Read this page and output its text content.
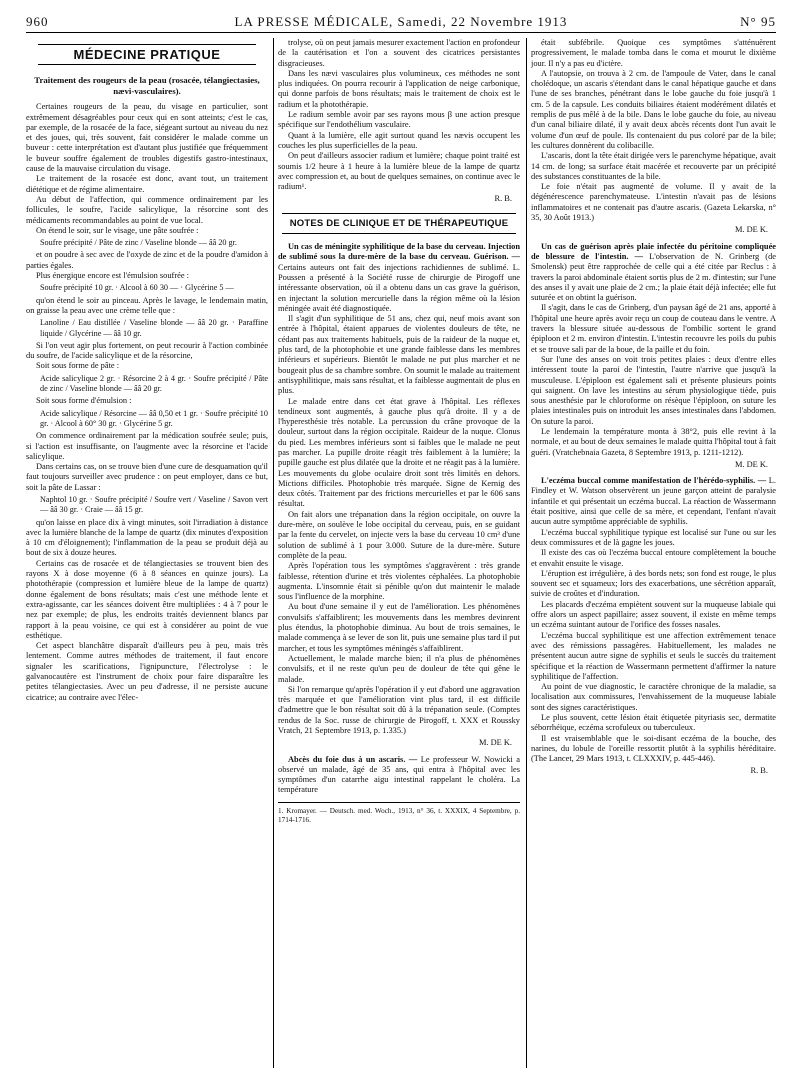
960	LA PRESSE MÉDICALE, Samedi, 22 Novembre 1913	N° 95
MÉDECINE PRATIQUE
Traitement des rougeurs de la peau (rosacée, télangiectasies, nævi-vasculaires).

Certaines rougeurs de la peau, du visage en particulier, sont extrêmement désagréables pour ceux qui en sont atteints; c'est le cas, par exemple, de la rosacée de la face, siégeant surtout au niveau du nez et des joues, qui, très souvent, fait considérer le malade comme un buveur : cette interprétation est d'autant plus justifiée que fréquemment le buveur souffre également de troubles digestifs gastro-intestinaux, cause de la mauvaise circulation du visage.

Le traitement de la rosacée est donc, avant tout, un traitement diététique et de régime alimentaire.

Au début de l'affection, qui commence ordinairement par les follicules, le soufre, l'acide salicylique, la résorcine sont des médicaments recommandables au point de vue local.

On étend le soir, sur le visage, une pâte soufrée :

Soufre précipité / Pâte de zinc / Vaseline blonde — ââ 20 gr.

et on poudre à sec avec de l'oxyde de zinc et de la poudre d'amidon à parties égales.

Plus énergique encore est l'émulsion soufrée :

Soufre précipité 10 gr. · Alcool à 60 30 — · Glycérine 5 —

qu'on étend le soir au pinceau. Après le lavage, le lendemain matin, on graisse la peau avec une crème telle que :

Lanoline / Eau distillée / Vaseline blonde — ââ 20 gr. · Paraffine liquide / Glycérine — ââ 10 gr.

Si l'on veut agir plus fortement, on peut recourir à l'action combinée du soufre, de l'acide salicylique et de la résorcine,

Soit sous forme de pâte :

Acide salicylique 2 gr. · Résorcine 2 à 4 gr. · Soufre précipité / Pâte de zinc / Vaseline blonde — ââ 20 gr.

Soit sous forme d'émulsion :

Acide salicylique / Résorcine — ââ 0,50 et 1 gr. · Soufre précipité 10 gr. · Alcool à 60° 30 gr. · Glycérine 5 gr.

On commence ordinairement par la médication soufrée seule; puis, si l'action est insuffisante, on l'augmente avec la résorcine et l'acide salicylique.

Dans certains cas, on se trouve bien d'une cure de desquamation qu'il faut toujours surveiller avec prudence : on peut employer, dans ce but, soit la pâte de Lassar :

Naphtol 10 gr. · Soufre précipité / Soufre vert / Vaseline / Savon vert — ââ 30 gr. · Craie — ââ 15 gr.

qu'on laisse en place dix à vingt minutes, soit l'irradiation à distance avec la lumière blanche de la lampe de quartz (dix minutes d'exposition à 10 cm d'éloignement); l'inflammation de la peau se produit déjà au bout de six à douze heures.

Certains cas de rosacée et de télangiectasies se trouvent bien des rayons X à dose moyenne (6 à 8 séances en quinze jours). La photothérapie (compression et lumière bleue de la lampe de quartz) donne également de bons résultats; mais c'est une méthode lente et extra-agissante, car les séances doivent être multipliées : 4 à 7 pour le nez par exemple; de plus, les endroits traités deviennent blancs par rapport à la peau voisine, ce qui est à considérer au point de vue esthétique.

Cet aspect blanchâtre disparaît d'ailleurs peu à peu, mais très lentement. Comme autres méthodes de traitement, il faut encore signaler les scarifications, l'ignipuncture, l'électrolyse : le galvanocautère est l'instrument de choix pour faire disparaître les petites télangiectasies. Avec un peu d'adresse, il ne persiste aucune cicatrice; au contraire avec l'élec-

trolyse, où on peut jamais mesurer exactement l'action en profondeur de la cautérisation et l'on a souvent des cicatrices persistantes disgracieuses.

Dans les nævi vasculaires plus volumineux, ces méthodes ne sont plus indiquées. On pourra recourir à l'application de neige carbonique, qui donne parfois de bons résultats; mais le traitement de choix est le radium et la photothérapie.

Le radium semble avoir par ses rayons mous β une action presque spécifique sur l'endothélium vasculaire.

Quant à la lumière, elle agit surtout quand les nævis occupent les couches les plus superficielles de la peau.

On peut d'ailleurs associer radium et lumière; chaque point traité est soumis 1/2 heure à 1 heure à la lumière bleue de la lampe de quartz avec compression et, au bout de quelques semaines, on continue avec le radium¹.

R. B.
NOTES DE CLINIQUE ET DE THÉRAPEUTIQUE

Un cas de méningite syphilitique de la base du cerveau. Injection de sublimé sous la dure-mère de la base du cerveau. Guérison. — Certains auteurs ont fait des injections rachidiennes de sublimé. L. Poussen a présenté à la Société russe de chirurgie de Pirogoff une intéressante observation, où il a obtenu dans un cas grave la guérison, en injectant la solution mercurielle dans la région même où la lésion méningée avait été diagnostiquée.

Il s'agit d'un syphilitique de 51 ans, chez qui, neuf mois avant son entrée à l'hôpital, étaient apparues de violentes douleurs de tête, ne cédant pas aux traitements habituels, puis de la raideur de la nuque et, plus tard, de la photophobie et une grande faiblesse dans les membres inférieurs et supérieurs. Bientôt le malade ne put plus marcher et ne bougeait plus de sa chambre sombre. On soumit le malade au traitement antisyphilitique, mais sans résultat, et la faiblesse augmentait de plus en plus.

Le malade entre dans cet état grave à l'hôpital. Les réflexes tendineux sont augmentés, à gauche plus qu'à droite. Il y a de l'hyperesthésie très notable. La percussion du crâne provoque de la douleur, surtout dans la région occipitale. Raideur de la nuque. Clonus du pied. Les membres inférieurs sont si faibles que le malade ne peut pas marcher. La pupille droite réagit très faiblement à la lumière; la pupille gauche est plus dilatée que la droite et ne réagit pas à la lumière. Les mouvements du globe oculaire droit sont très limités en dehors. Mictions difficiles. Photophobie très marquée. Signe de Kernig des deux côtés. Traitement par des frictions mercurielles et par le 606 sans résultat.

On fait alors une trépanation dans la région occipitale, on ouvre la dure-mère, on soulève le lobe occipital du cerveau, puis, en se guidant par la fente du cervelet, on injecte vers la base du cerveau 10 cm³ d'une solution de sublimé à 1 pour 3.000. Suture de la dure-mère. Suture complète de la peau.

Après l'opération tous les symptômes s'aggravèrent : très grande faiblesse, rétention d'urine et très violentes céphalées. La photophobie augmenta. L'insomnie était si pénible qu'on dut maintenir le malade sous l'influence de la morphine.

Au bout d'une semaine il y eut de l'amélioration. Les phénomènes convulsifs s'affaiblirent; les mouvements dans les membres devinrent plus étendus, la photophobie diminua. Au bout de trois semaines, le malade commença à se lever de son lit, puis une semaine plus tard il put marcher, et tous les symptômes méningés s'affaiblirent.

Actuellement, le malade marche bien; il n'a plus de phénomènes convulsifs, et il ne reste qu'un peu de douleur de tête qui gêne le malade.

Si l'on remarque qu'après l'opération il y eut d'abord une aggravation très marquée et que l'amélioration vint plus tard, il est difficile d'admettre que le bon résultat soit dû à la trépanation seule. (Comptes rendus de la Soc. russe de chirurgie de Pirogoff, t. XXX et Roussky Vratch, 21 Septembre 1913, p. 1.335.)

M. DE K.

Abcès du foie dus à un ascaris. — Le professeur W. Nowicki a observé un malade, âgé de 35 ans, qui entra à l'hôpital avec les symptômes d'un catarrhe aigu intestinal rappelant le choléra. La température

1. Kromayer. — Deutsch. med. Woch., 1913, n° 36, t. XXXIX, 4 Septembre, p. 1714-1716.

était subfébrile. Quoique ces symptômes s'atténuèrent progressivement, le malade tomba dans le coma et mourut le dixième jour. Il n'y a pas eu d'ictère.

A l'autopsie, on trouva à 2 cm. de l'ampoule de Vater, dans le canal cholédoque, un ascaris s'étendant dans le canal hépatique gauche et dans l'une de ses branches, pénétrant dans le lobe gauche du foie jusqu'à 1 cm. 5 de la capsule. Les conduits biliaires étaient modérément dilatés et remplis de pus mêlé à de la bile. Dans le lobe gauche du foie, au niveau d'un canal biliaire dilaté, il y avait deux abcès récents dont l'un avait le volume d'un œuf de poule. Ils contenaient du pus coloré par de la bile; les cultures donnèrent du colibacille.

L'ascaris, dont la tête était dirigée vers le parenchyme hépatique, avait 14 cm. de long; sa surface était macérée et recouverte par un précipité des substances constituantes de la bile.

Le foie n'était pas augmenté de volume. Il y avait de la dégénérescence parenchymateuse. L'intestin n'avait pas de lésions inflammatoires et ne contenait pas d'autre ascaris. (Gazeta Lekarska, n° 35, 30 Août 1913.)

M. DE K.

Un cas de guérison après plaie infectée du péritoine compliquée de blessure de l'intestin. — L'observation de N. Grinberg (de Smolensk) peut être rapprochée de celle qui a été citée par Reclus : à travers la paroi abdominale étaient sortis plus de 2 m. d'intestin; sur l'une des anses il y avait une plaie de 2 cm.; la plaie était déjà infectée; elle fut suturée et on obtint la guérison.

Il s'agit, dans le cas de Grinberg, d'un paysan âgé de 21 ans, apporté à l'hôpital une heure après avoir reçu un coup de couteau dans le ventre. A travers la blessure située au-dessous de l'ombilic sortent le grand épiploon et 2 m. environ d'intestin. L'intestin recouvre les poils du pubis et se trouve sali par de la boue, de la paille et du foin.

Sur l'une des anses on voit trois petites plaies : deux d'entre elles intéressent toute la paroi de l'intestin, l'autre n'arrive que jusqu'à la musculeuse. L'épiploon est également sali et présente plusieurs points qui saignent. On lave les intestins au sérum physiologique tiède, puis sous anesthésie par le chloroforme on résèque l'épiploon, on suture les plaies intestinales puis on introduit les anses intestinales dans l'abdomen. On suture la paroi.

Le lendemain la température monta à 38°2, puis elle revint à la normale, et au bout de deux semaines le malade quitta l'hôpital tout à fait guéri. (Vratchebnaia Gazeta, 8 Septembre 1913, p. 1211-1212).

M. DE K.

L'eczéma buccal comme manifestation de l'hérédo-syphilis. — L. Findley et W. Watson observèrent un jeune garçon atteint de paralysie infantile et qui présentait un eczéma buccal. La réaction de Wassermann était positive, ainsi que celle de sa mère, et cependant, l'enfant n'avait aucun autre symptôme appréciable de syphilis.

L'eczéma buccal syphilitique typique est localisé sur l'une ou sur les deux commissures et de là gagne les joues.

Il existe des cas où l'eczéma buccal entoure complètement la bouche et envahit ensuite le visage.

L'éruption est irrégulière, à des bords nets; son fond est rouge, le plus souvent sec et squameux; lors des exacerbations, une sécrétion apparaît, suivie de croûtes et d'induration.

Les placards d'eczéma empiètent souvent sur la muqueuse labiale qui offre alors un aspect papillaire; assez souvent, il existe en même temps un eczéma suintant autour de l'orifice des fosses nasales.

L'eczéma buccal syphilitique est une affection extrêmement tenace avec des rémissions passagères. Habituellement, les malades ne présentent aucun autre signe de syphilis et seuls le succès du traitement spécifique et la réaction de Wassermann permettent d'affirmer la nature syphilitique de l'affection.

Au point de vue diagnostic, le caractère chronique de la maladie, sa localisation aux commissures, l'envahissement de la muqueuse labiale sont des signes caractéristiques.

Le plus souvent, cette lésion était étiquetée pityriasis sec, dermatite séborrhéique, eczéma scrofuleux ou tuberculeux.

Il est vraisemblable que le soi-disant eczéma de la bouche, des narines, du lobule de l'oreille ressortit plutôt à la syphilis héréditaire. (The Lancet, 29 Mars 1913, t. CLXXXIV, p. 445-446).

R. B.
